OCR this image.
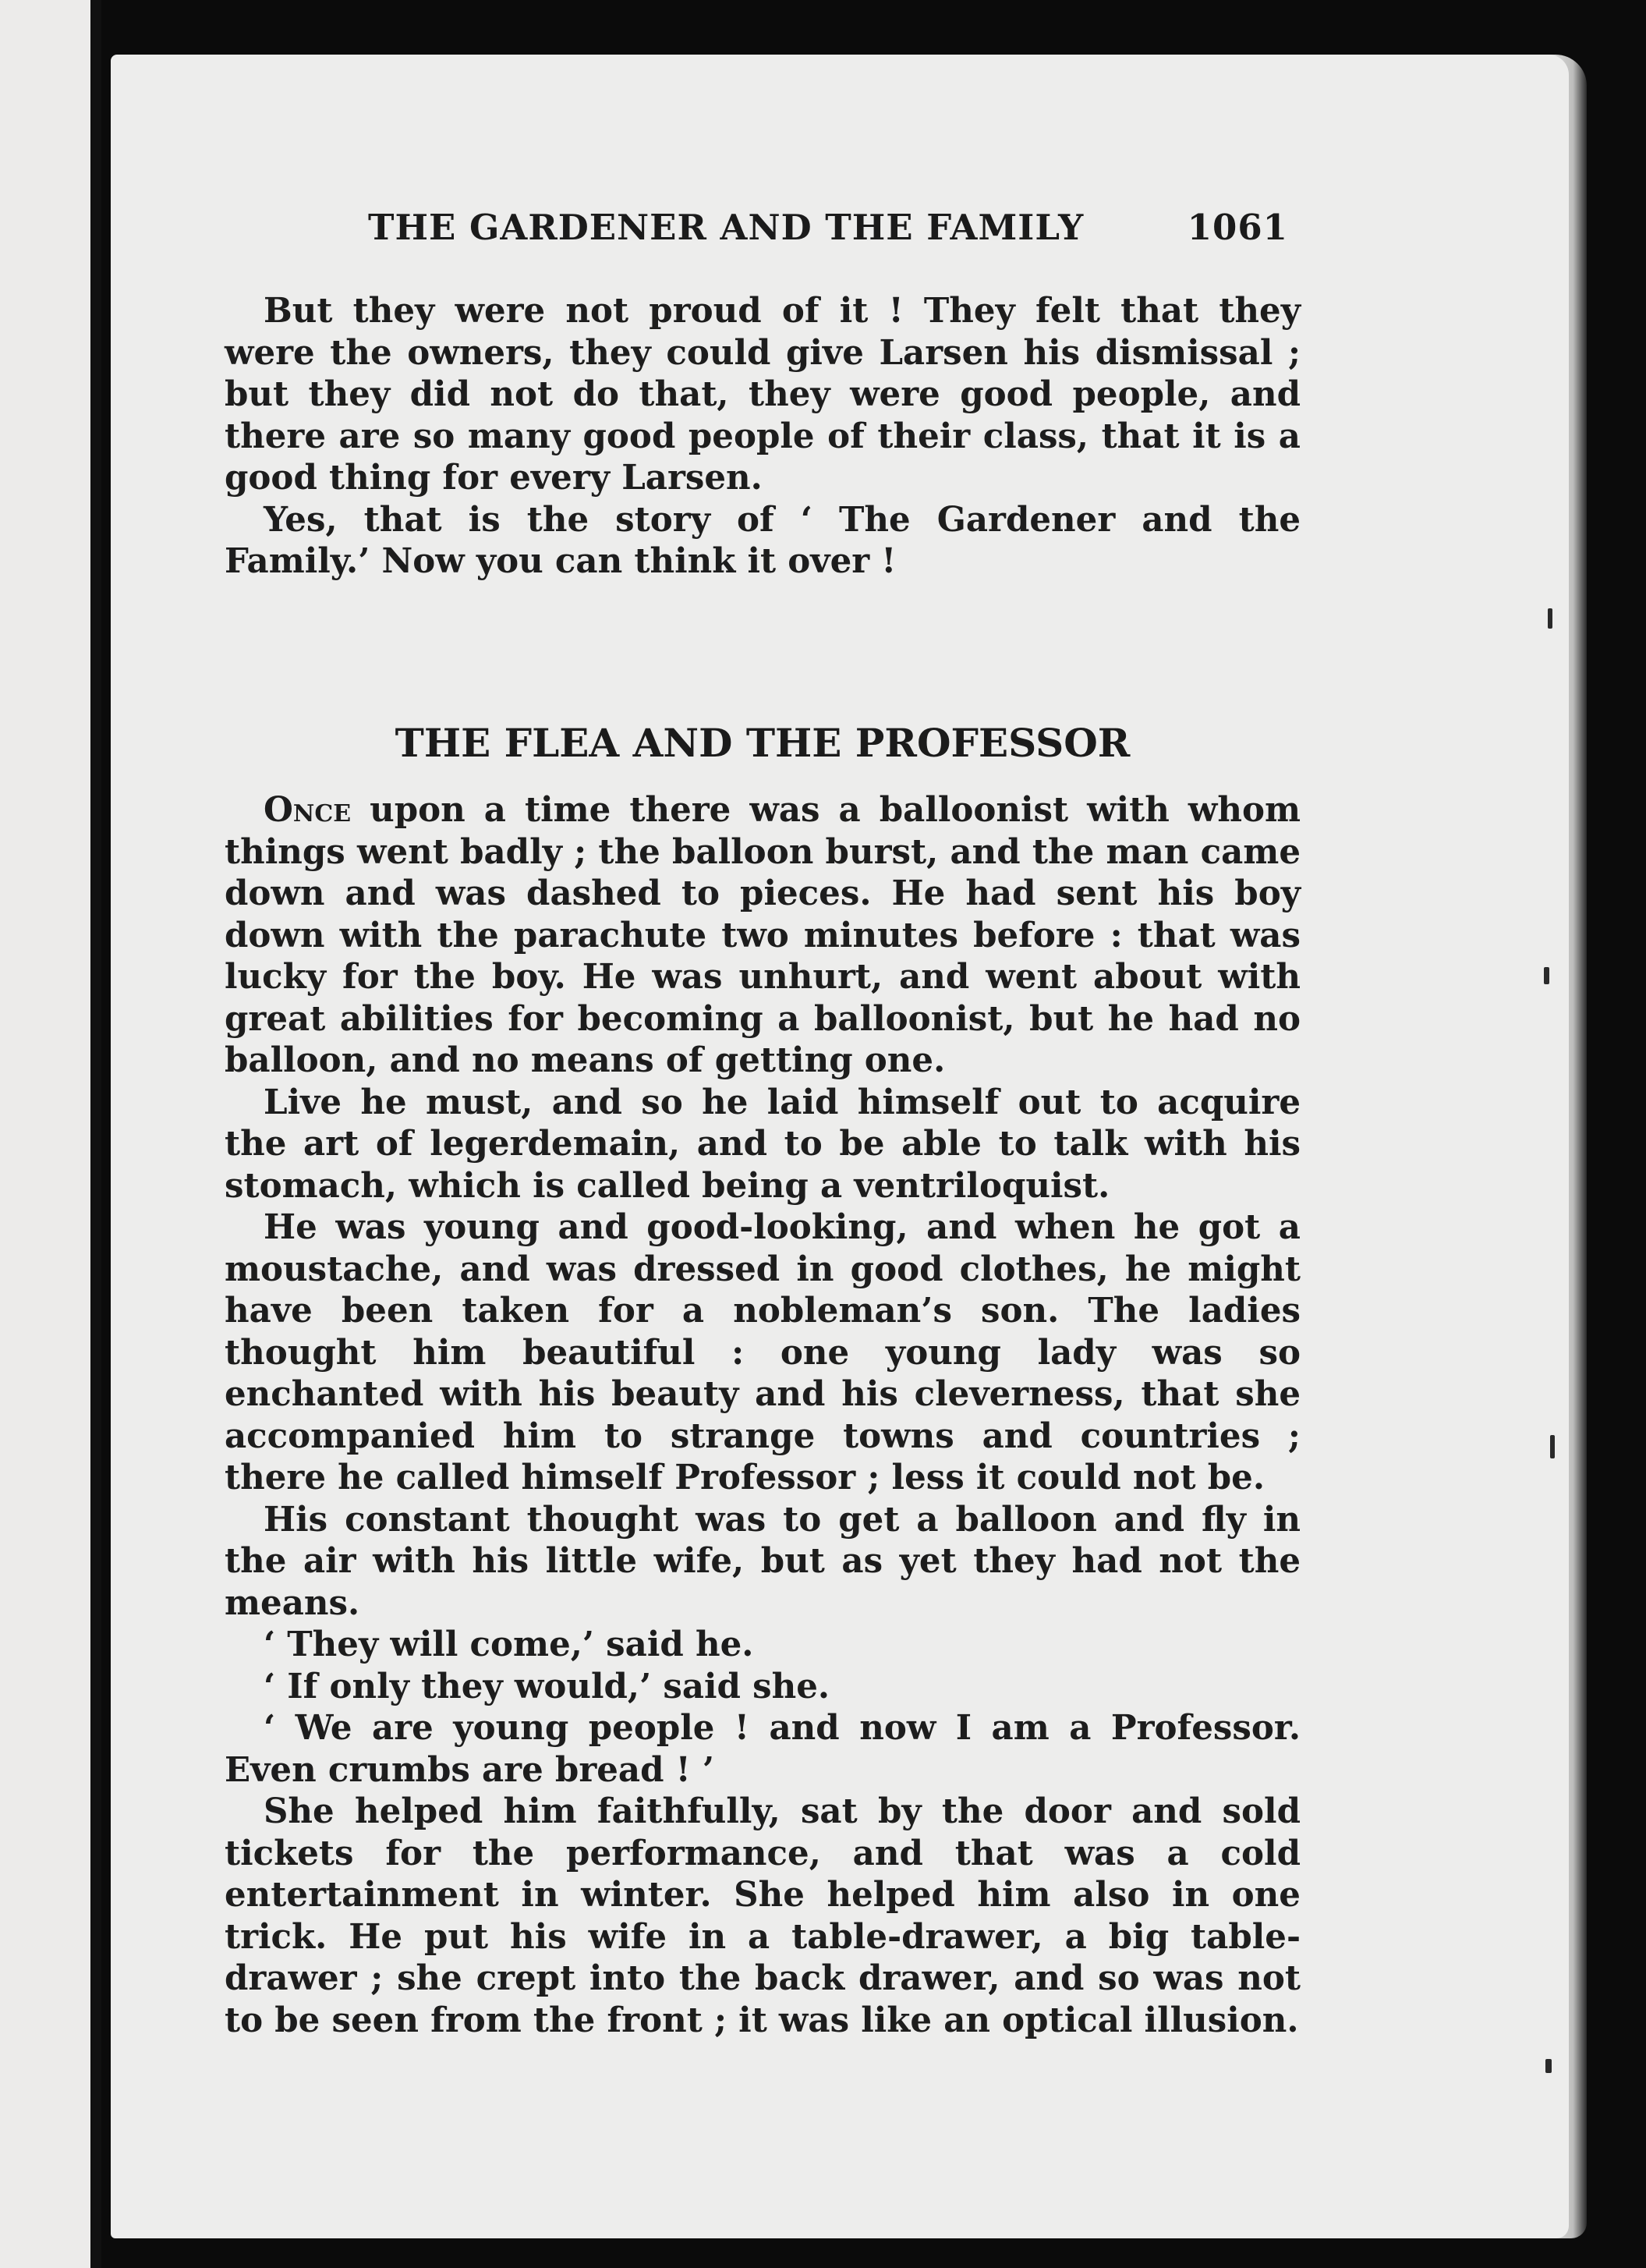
THE GARDENER AND THE FAMILY	1061

But they were not proud of it ! They felt that they were the owners, they could give Larsen his dismissal ; but they did not do that, they were good people, and there are so many good people of their class, that it is a good thing for every Larsen.

Yes, that is the story of ‘ The Gardener and the Family.’ Now you can think it over !

THE FLEA AND THE PROFESSOR

Once upon a time there was a balloonist with whom things went badly ; the balloon burst, and the man came down and was dashed to pieces. He had sent his boy down with the parachute two minutes before : that was lucky for the boy. He was unhurt, and went about with great abilities for becoming a balloonist, but he had no balloon, and no means of getting one.

Live he must, and so he laid himself out to acquire the art of legerdemain, and to be able to talk with his stomach, which is called being a ventriloquist.

He was young and good-looking, and when he got a moustache, and was dressed in good clothes, he might have been taken for a nobleman’s son. The ladies thought him beautiful : one young lady was so enchanted with his beauty and his cleverness, that she accompanied him to strange towns and countries ; there he called himself Professor ; less it could not be.

His constant thought was to get a balloon and fly in the air with his little wife, but as yet they had not the means.

‘ They will come,’ said he.

‘ If only they would,’ said she.

‘ We are young people ! and now I am a Professor. Even crumbs are bread ! ’

She helped him faithfully, sat by the door and sold tickets for the performance, and that was a cold entertainment in winter. She helped him also in one trick. He put his wife in a table-drawer, a big table-drawer ; she crept into the back drawer, and so was not to be seen from the front ; it was like an optical illusion.
